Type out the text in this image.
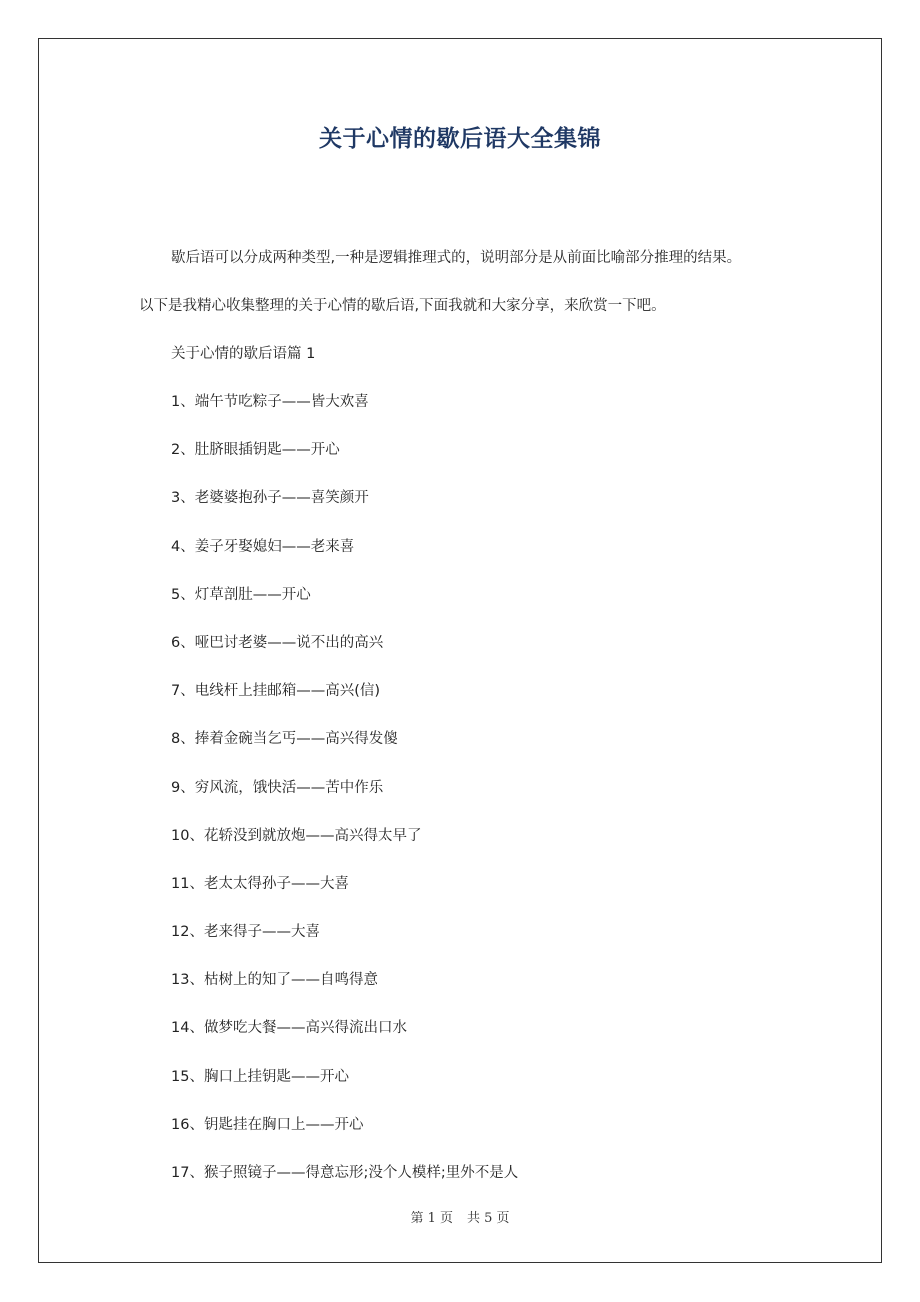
关于心情的歇后语大全集锦

歇后语可以分成两种类型,一种是逻辑推理式的，说明部分是从前面比喻部分推理的结果。

以下是我精心收集整理的关于心情的歇后语,下面我就和大家分享，来欣赏一下吧。

关于心情的歇后语篇 1

1、端午节吃粽子——皆大欢喜
2、肚脐眼插钥匙——开心
3、老婆婆抱孙子——喜笑颜开
4、姜子牙娶媳妇——老来喜
5、灯草剖肚——开心
6、哑巴讨老婆——说不出的高兴
7、电线杆上挂邮箱——高兴(信)
8、捧着金碗当乞丐——高兴得发傻
9、穷风流，饿快活——苦中作乐
10、花轿没到就放炮——高兴得太早了
11、老太太得孙子——大喜
12、老来得子——大喜
13、枯树上的知了——自鸣得意
14、做梦吃大餐——高兴得流出口水
15、胸口上挂钥匙——开心
16、钥匙挂在胸口上——开心
17、猴子照镜子——得意忘形;没个人模样;里外不是人
第 1 页 共 5 页
